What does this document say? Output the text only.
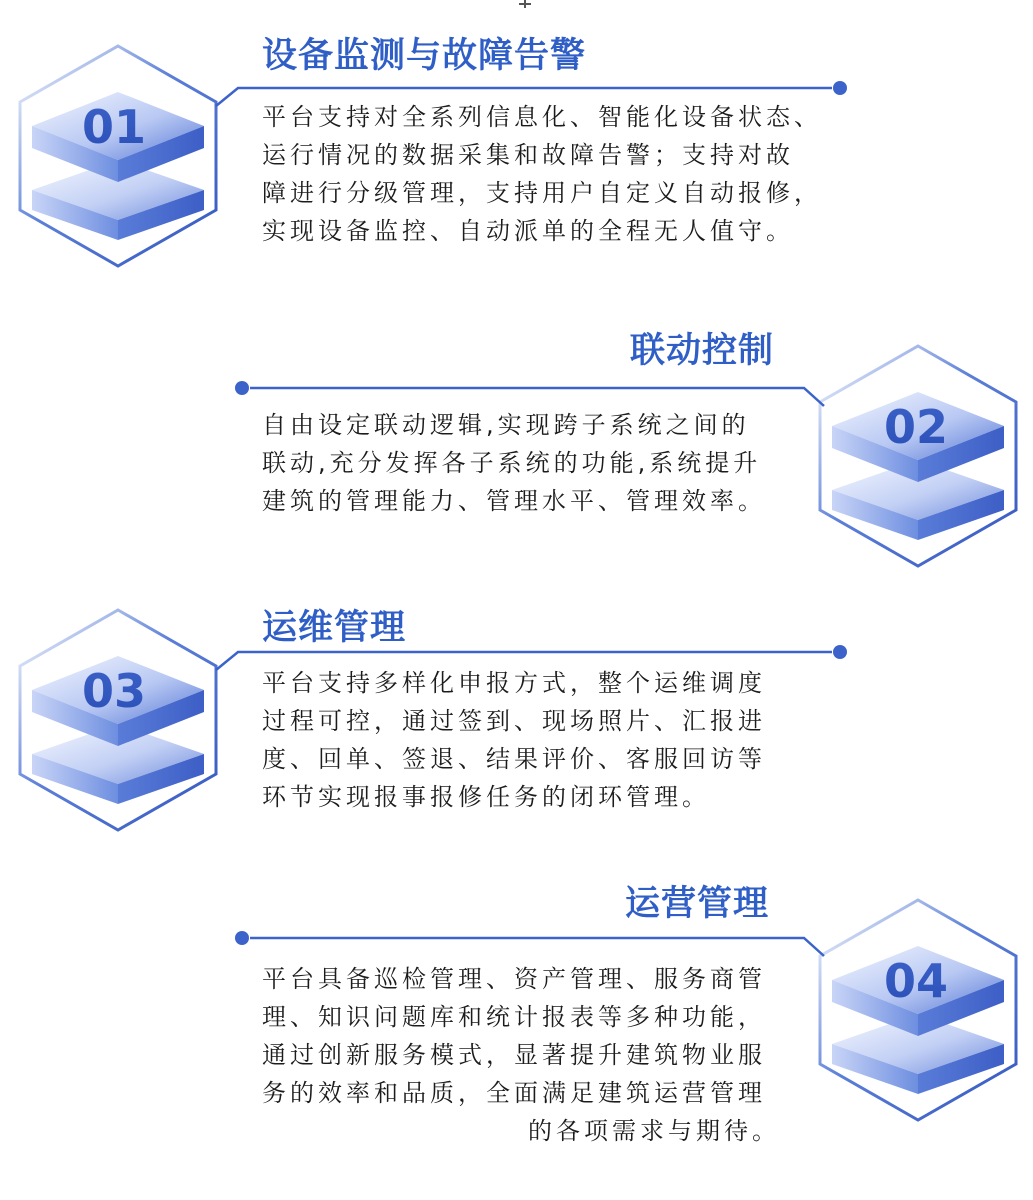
01
设备监测与故障告警
平台支持对全系列信息化、智能化设备状态、
运行情况的数据采集和故障告警；支持对故
障进行分级管理，支持用户自定义自动报修，
实现设备监控、自动派单的全程无人值守。
02
联动控制
自由设定联动逻辑,实现跨子系统之间的
联动,充分发挥各子系统的功能,系统提升
建筑的管理能力、管理水平、管理效率。
03
运维管理
平台支持多样化申报方式，整个运维调度
过程可控，通过签到、现场照片、汇报进
度、回单、签退、结果评价、客服回访等
环节实现报事报修任务的闭环管理。
04
运营管理
平台具备巡检管理、资产管理、服务商管
理、知识问题库和统计报表等多种功能，
通过创新服务模式，显著提升建筑物业服
务的效率和品质，全面满足建筑运营管理
的各项需求与期待。
